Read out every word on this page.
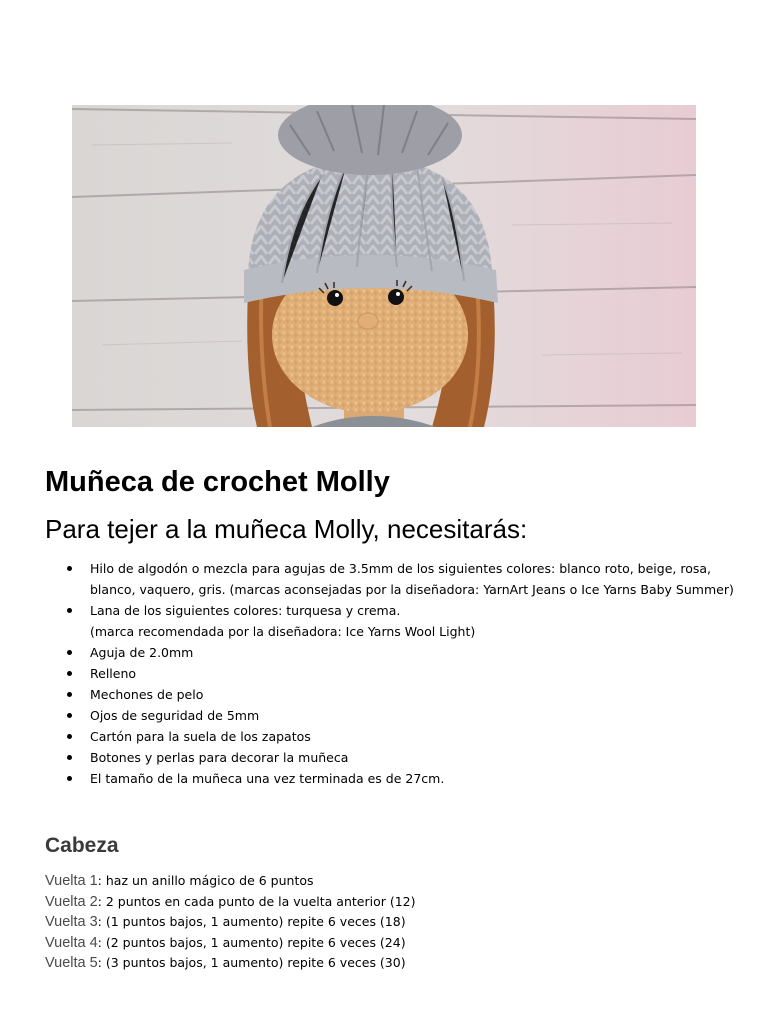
Muñeca de crochet Molly
Para tejer a la muñeca Molly, necesitarás:
Hilo de algodón o mezcla para agujas de 3.5mm de los siguientes colores: blanco roto, beige, rosa,
blanco, vaquero, gris. (marcas aconsejadas por la diseñadora: YarnArt Jeans o Ice Yarns Baby Summer)
Lana de los siguientes colores: turquesa y crema.
(marca recomendada por la diseñadora: Ice Yarns Wool Light)
Aguja de 2.0mm
Relleno
Mechones de pelo
Ojos de seguridad de 5mm
Cartón para la suela de los zapatos
Botones y perlas para decorar la muñeca
El tamaño de la muñeca una vez terminada es de 27cm.
Cabeza
Vuelta 1: haz un anillo mágico de 6 puntos
Vuelta 2: 2 puntos en cada punto de la vuelta anterior (12)
Vuelta 3: (1 puntos bajos, 1 aumento) repite 6 veces (18)
Vuelta 4: (2 puntos bajos, 1 aumento) repite 6 veces (24)
Vuelta 5: (3 puntos bajos, 1 aumento) repite 6 veces (30)
